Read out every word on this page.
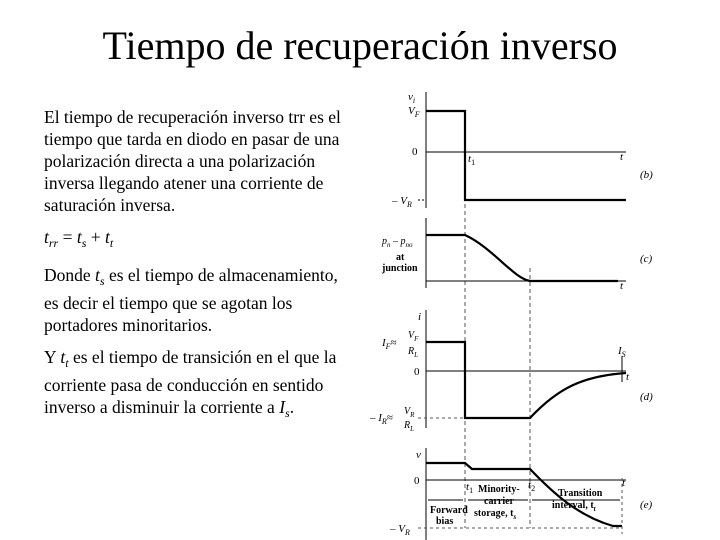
Tiempo de recuperación inverso

El tiempo de recuperación inverso trr es el tiempo que tarda en diodo en pasar de una polarización directa a una polarización inversa llegando atener una corriente de saturación inversa.

$t_{rr} = t_s + t_t$

Donde $t_s$ es el tiempo de almacenamiento, es decir el tiempo que se agotan los portadores minoritarios.

Y $t_t$ es el tiempo de transición en el que la corriente pasa de conducción en sentido inverso a disminuir la corriente a $I_s$.

$v_i$
$V_F$
0
– $V_R$
$t_1$	t
(b)
$p_n - p_{no}$
at
junction
t
(c)
i
$I_F\approx$
$V_F$
$R_L$
0
– $I_R\approx$
$V_R$
$R_L$
$I_S$
t
(d)
v
0
– $V_R$
$t_1$	$t_2$	t
(e)
Forward
bias
Minority-
carrier
storage, $t_s$
Transition
interval, $t_t$
